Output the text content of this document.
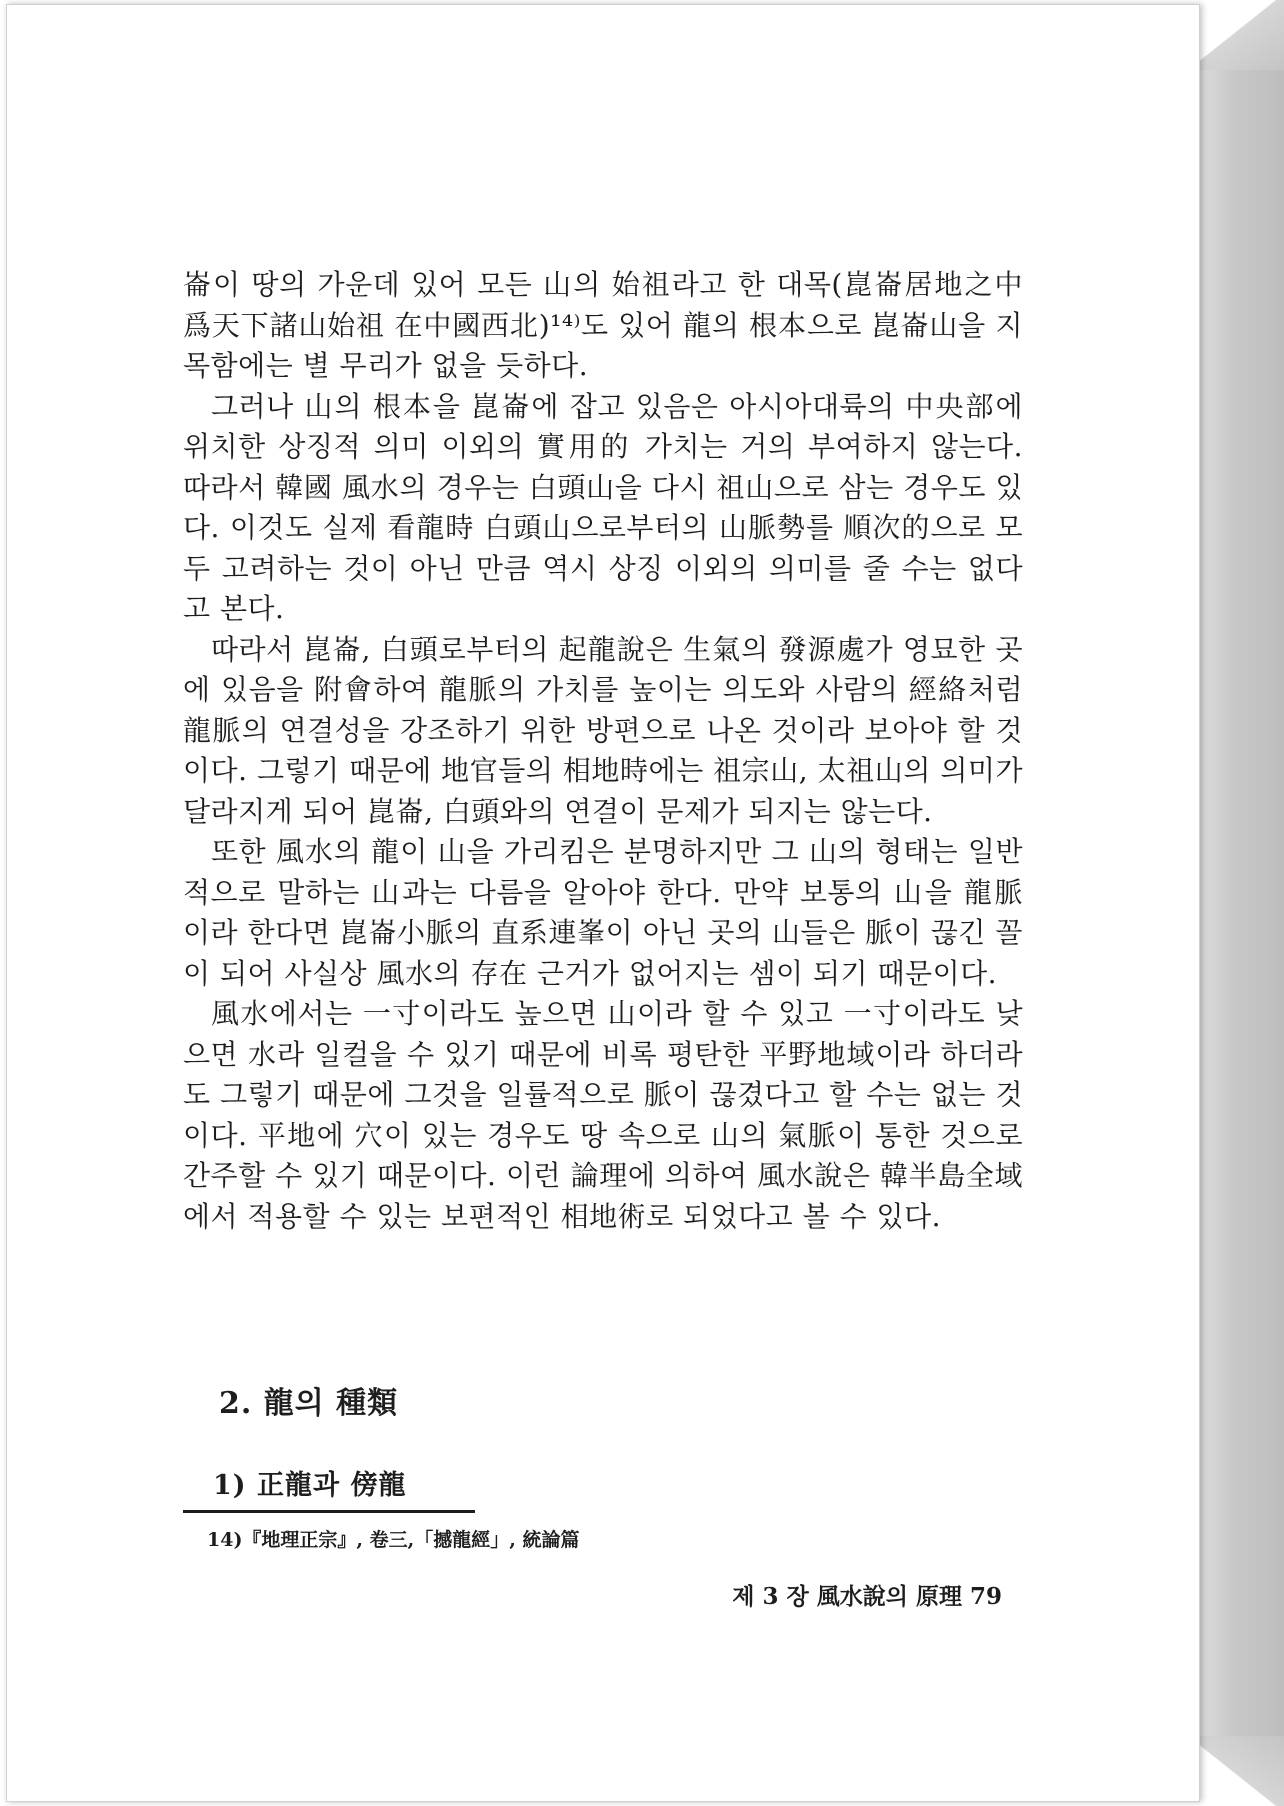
崙이 땅의 가운데 있어 모든 山의 始祖라고 한 대목(崑崙居地之中爲天下諸山始祖 在中國西北)¹⁴⁾도 있어 龍의 根本으로 崑崙山을 지목함에는 별 무리가 없을 듯하다.

그러나 山의 根本을 崑崙에 잡고 있음은 아시아대륙의 中央部에 위치한 상징적 의미 이외의 實用的 가치는 거의 부여하지 않는다. 따라서 韓國 風水의 경우는 白頭山을 다시 祖山으로 삼는 경우도 있다. 이것도 실제 看龍時 白頭山으로부터의 山脈勢를 順次的으로 모두 고려하는 것이 아닌 만큼 역시 상징 이외의 의미를 줄 수는 없다고 본다.

따라서 崑崙, 白頭로부터의 起龍說은 生氣의 發源處가 영묘한 곳에 있음을 附會하여 龍脈의 가치를 높이는 의도와 사람의 經絡처럼 龍脈의 연결성을 강조하기 위한 방편으로 나온 것이라 보아야 할 것이다. 그렇기 때문에 地官들의 相地時에는 祖宗山, 太祖山의 의미가 달라지게 되어 崑崙, 白頭와의 연결이 문제가 되지는 않는다.

또한 風水의 龍이 山을 가리킴은 분명하지만 그 山의 형태는 일반적으로 말하는 山과는 다름을 알아야 한다. 만약 보통의 山을 龍脈이라 한다면 崑崙小脈의 直系連峯이 아닌 곳의 山들은 脈이 끊긴 꼴이 되어 사실상 風水의 存在 근거가 없어지는 셈이 되기 때문이다.

風水에서는 一寸이라도 높으면 山이라 할 수 있고 一寸이라도 낮으면 水라 일컬을 수 있기 때문에 비록 평탄한 平野地域이라 하더라도 그렇기 때문에 그것을 일률적으로 脈이 끊겼다고 할 수는 없는 것이다. 平地에 穴이 있는 경우도 땅 속으로 山의 氣脈이 통한 것으로 간주할 수 있기 때문이다. 이런 論理에 의하여 風水說은 韓半島全域에서 적용할 수 있는 보편적인 相地術로 되었다고 볼 수 있다.

2. 龍의 種類

1) 正龍과 傍龍

14)『地理正宗』, 卷三,「撼龍經」, 統論篇

제 3 장 風水說의 原理 79
